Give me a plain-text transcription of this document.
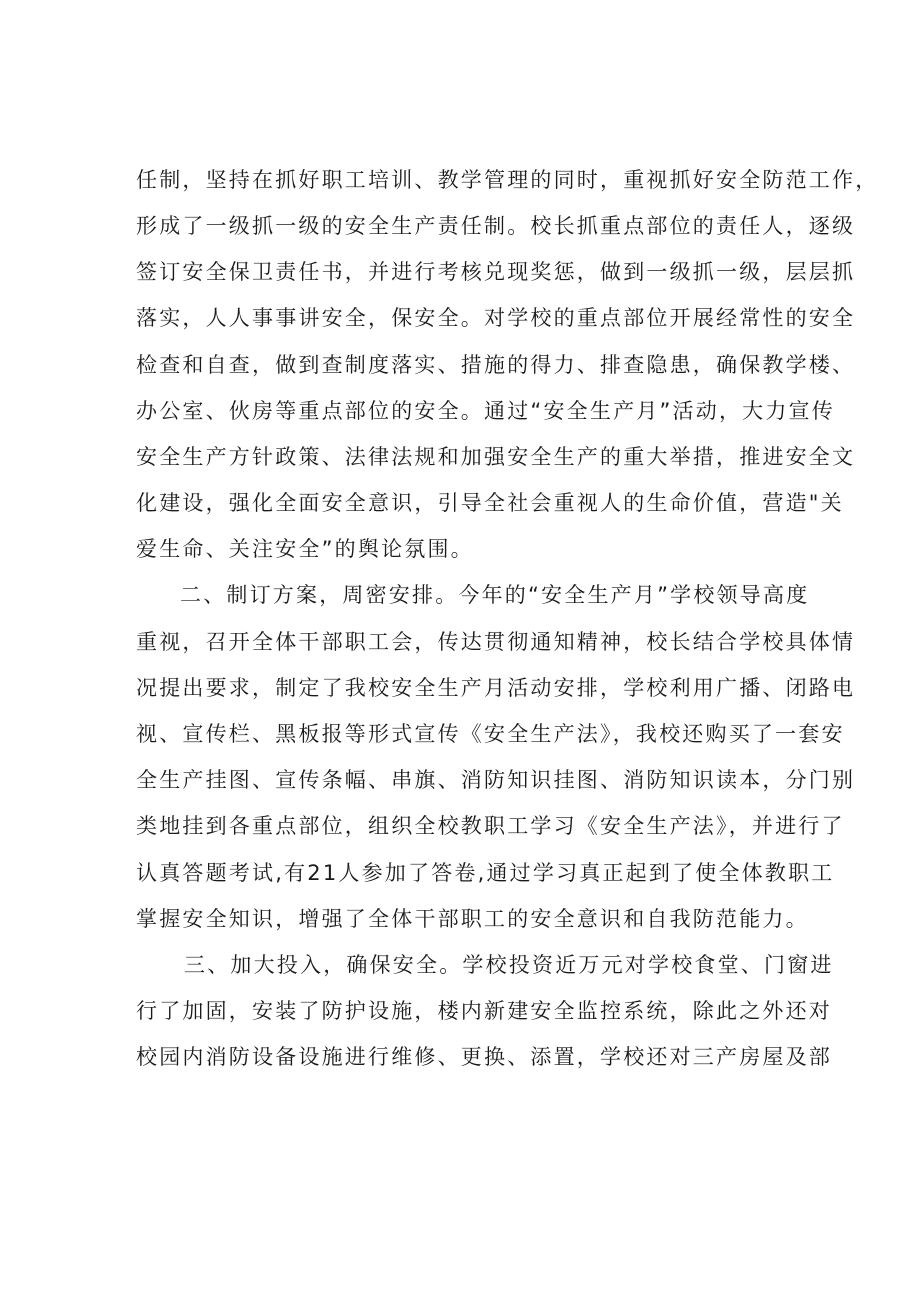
任制，坚持在抓好职工培训、教学管理的同时，重视抓好安全防范工作，
形成了一级抓一级的安全生产责任制。校长抓重点部位的责任人，逐级
签订安全保卫责任书，并进行考核兑现奖惩，做到一级抓一级，层层抓
落实，人人事事讲安全，保安全。对学校的重点部位开展经常性的安全
检查和自查，做到查制度落实、措施的得力、排查隐患，确保教学楼、
办公室、伙房等重点部位的安全。通过“安全生产月”活动，大力宣传
安全生产方针政策、法律法规和加强安全生产的重大举措，推进安全文
化建设，强化全面安全意识，引导全社会重视人的生命价值，营造"关
爱生命、关注安全”的舆论氛围。
二、制订方案，周密安排。今年的“安全生产月”学校领导高度
重视，召开全体干部职工会，传达贯彻通知精神，校长结合学校具体情
况提出要求，制定了我校安全生产月活动安排，学校利用广播、闭路电
视、宣传栏、黑板报等形式宣传《安全生产法》，我校还购买了一套安
全生产挂图、宣传条幅、串旗、消防知识挂图、消防知识读本，分门别
类地挂到各重点部位，组织全校教职工学习《安全生产法》，并进行了
认真答题考试,有21人参加了答卷,通过学习真正起到了使全体教职工
掌握安全知识，增强了全体干部职工的安全意识和自我防范能力。
三、加大投入，确保安全。学校投资近万元对学校食堂、门窗进
行了加固，安装了防护设施，楼内新建安全监控系统，除此之外还对
校园内消防设备设施进行维修、更换、添置，学校还对三产房屋及部
